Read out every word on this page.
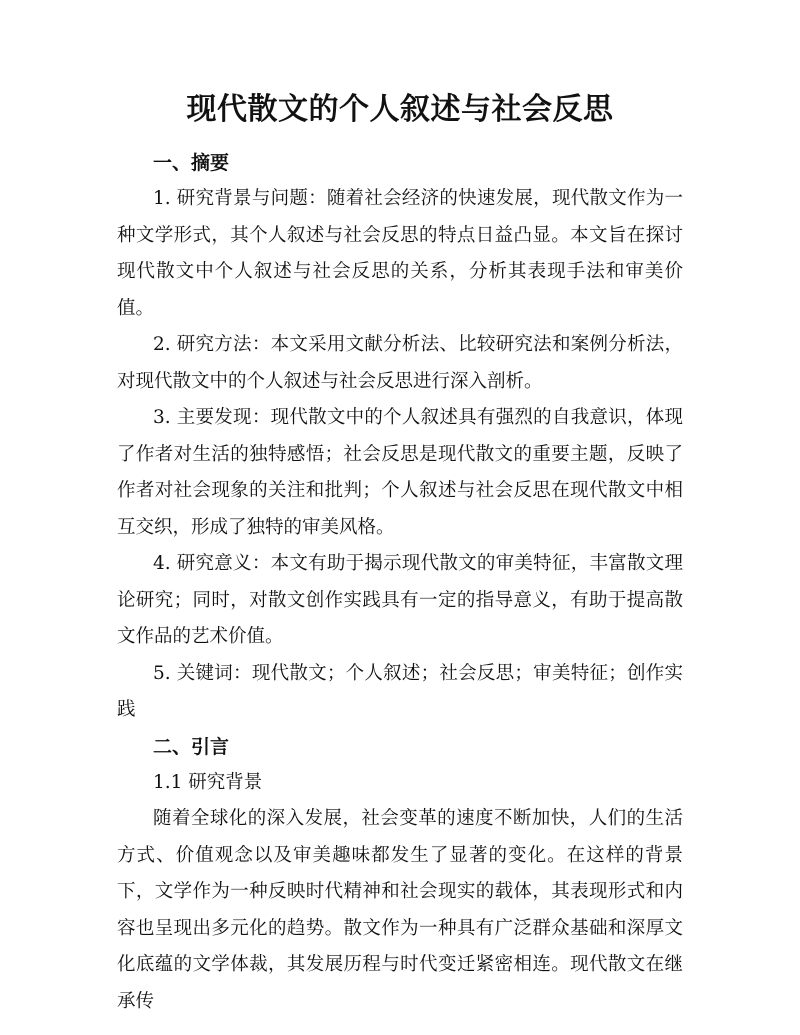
现代散文的个人叙述与社会反思

一、摘要

1. 研究背景与问题：随着社会经济的快速发展，现代散文作为一种文学形式，其个人叙述与社会反思的特点日益凸显。本文旨在探讨现代散文中个人叙述与社会反思的关系，分析其表现手法和审美价值。

2. 研究方法：本文采用文献分析法、比较研究法和案例分析法，对现代散文中的个人叙述与社会反思进行深入剖析。

3. 主要发现：现代散文中的个人叙述具有强烈的自我意识，体现了作者对生活的独特感悟；社会反思是现代散文的重要主题，反映了作者对社会现象的关注和批判；个人叙述与社会反思在现代散文中相互交织，形成了独特的审美风格。

4. 研究意义：本文有助于揭示现代散文的审美特征，丰富散文理论研究；同时，对散文创作实践具有一定的指导意义，有助于提高散文作品的艺术价值。

5. 关键词：现代散文；个人叙述；社会反思；审美特征；创作实践

二、引言

1.1 研究背景

随着全球化的深入发展，社会变革的速度不断加快，人们的生活方式、价值观念以及审美趣味都发生了显著的变化。在这样的背景下，文学作为一种反映时代精神和社会现实的载体，其表现形式和内容也呈现出多元化的趋势。散文作为一种具有广泛群众基础和深厚文化底蕴的文学体裁，其发展历程与时代变迁紧密相连。现代散文在继承传
